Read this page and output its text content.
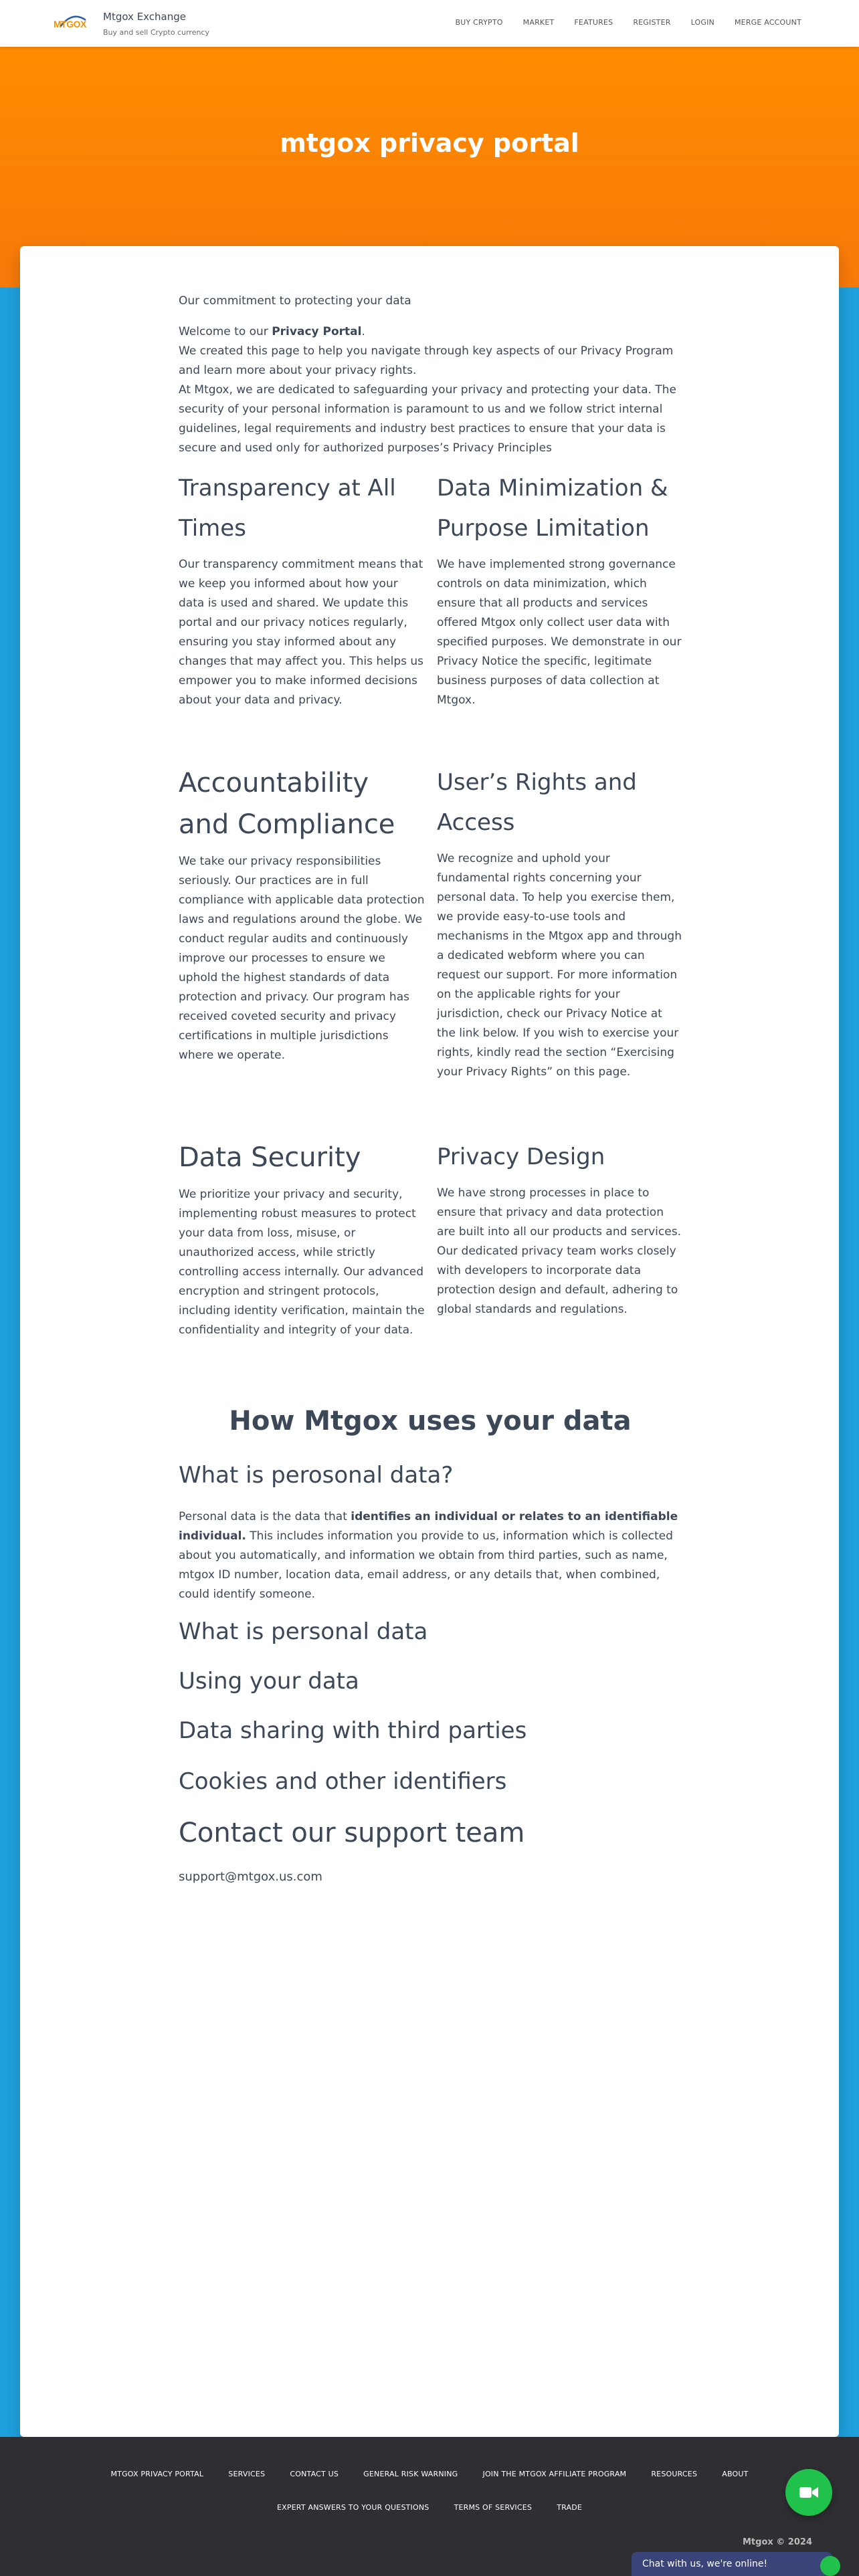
MTGOX
Mtgox Exchange
Buy and sell Crypto currency
BUY CRYPTO	MARKET	FEATURES	REGISTER	LOGIN	MERGE ACCOUNT
mtgox privacy portal
Our commitment to protecting your data
Welcome to our Privacy Portal.
We created this page to help you navigate through key aspects of our Privacy Program and learn more about your privacy rights.
At Mtgox, we are dedicated to safeguarding your privacy and protecting your data. The security of your personal information is paramount to us and we follow strict internal guidelines, legal requirements and industry best practices to ensure that your data is secure and used only for authorized purposes’s Privacy Principles
Transparency at All Times

Our transparency commitment means that we keep you informed about how your data is used and shared. We update this portal and our privacy notices regularly, ensuring you stay informed about any changes that may affect you. This helps us empower you to make informed decisions about your data and privacy.

Data Minimization & Purpose Limitation

We have implemented strong governance controls on data minimization, which ensure that all products and services offered Mtgox only collect user data with specified purposes. We demonstrate in our Privacy Notice the specific, legitimate business purposes of data collection at Mtgox.

Accountability and Compliance

We take our privacy responsibilities seriously. Our practices are in full compliance with applicable data protection laws and regulations around the globe. We conduct regular audits and continuously improve our processes to ensure we uphold the highest standards of data protection and privacy. Our program has received coveted security and privacy certifications in multiple jurisdictions where we operate.

User’s Rights and Access

We recognize and uphold your fundamental rights concerning your personal data. To help you exercise them, we provide easy-to-use tools and mechanisms in the Mtgox app and through a dedicated webform where you can request our support. For more information on the applicable rights for your jurisdiction, check our Privacy Notice at the link below. If you wish to exercise your rights, kindly read the section “Exercising your Privacy Rights” on this page.

Data Security

We prioritize your privacy and security, implementing robust measures to protect your data from loss, misuse, or unauthorized access, while strictly controlling access internally. Our advanced encryption and stringent protocols, including identity verification, maintain the confidentiality and integrity of your data.

Privacy Design

We have strong processes in place to ensure that privacy and data protection are built into all our products and services. Our dedicated privacy team works closely with developers to incorporate data protection design and default, adhering to global standards and regulations.

How Mtgox uses your data
What is perosonal data?
Personal data is the data that identifies an individual or relates to an identifiable individual. This includes information you provide to us, information which is collected about you automatically, and information we obtain from third parties, such as name, mtgox ID number, location data, email address, or any details that, when combined, could identify someone.
What is personal data
Using your data
Data sharing with third parties
Cookies and other identifiers
Contact our support team
support@mtgox.us.com
MTGOX PRIVACY PORTAL	SERVICES	CONTACT US	GENERAL RISK WARNING	JOIN THE MTGOX AFFILIATE PROGRAM	RESOURCES	ABOUT
EXPERT ANSWERS TO YOUR QUESTIONS	TERMS OF SERVICES	TRADE
Mtgox © 2024
Chat with us, we're online!
